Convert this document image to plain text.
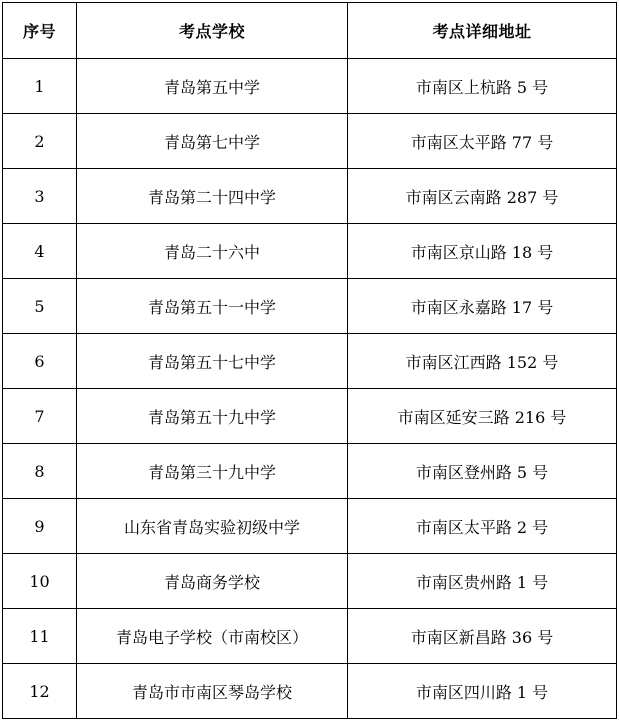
序号	考点学校	考点详细地址
1	青岛第五中学	市南区上杭路 5 号
2	青岛第七中学	市南区太平路 77 号
3	青岛第二十四中学	市南区云南路 287 号
4	青岛二十六中	市南区京山路 18 号
5	青岛第五十一中学	市南区永嘉路 17 号
6	青岛第五十七中学	市南区江西路 152 号
7	青岛第五十九中学	市南区延安三路 216 号
8	青岛第三十九中学	市南区登州路 5 号
9	山东省青岛实验初级中学	市南区太平路 2 号
10	青岛商务学校	市南区贵州路 1 号
11	青岛电子学校（市南校区）	市南区新昌路 36 号
12	青岛市市南区琴岛学校	市南区四川路 1 号
